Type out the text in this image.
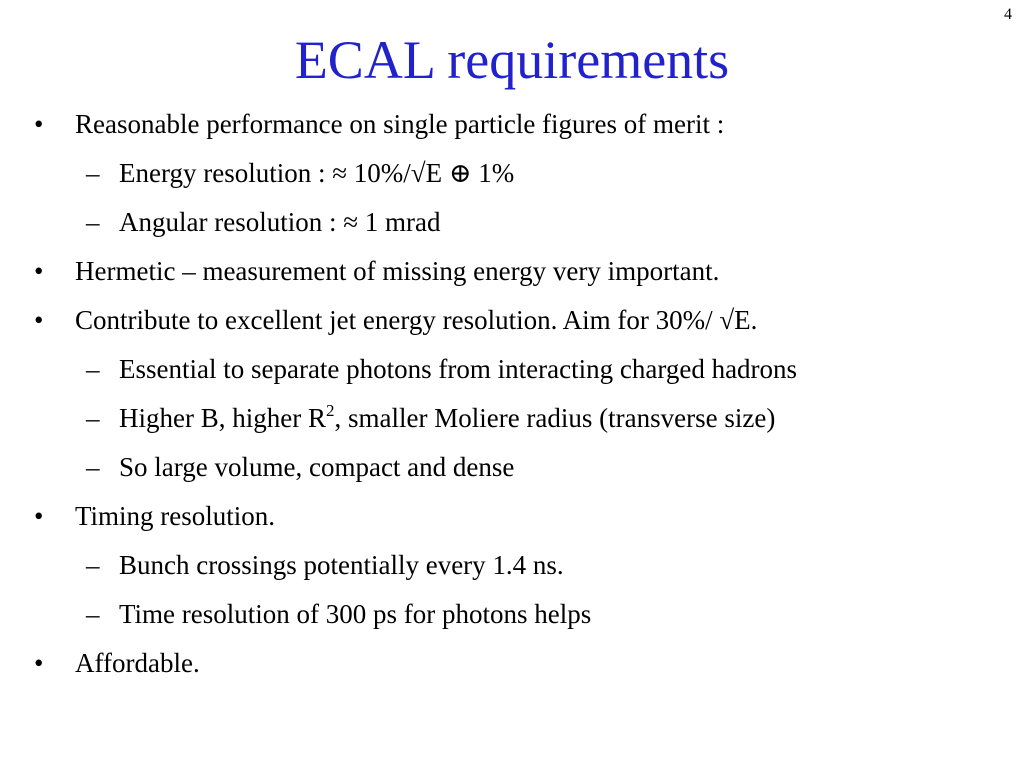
4
ECAL requirements
• Reasonable performance on single particle figures of merit :
– Energy resolution : ≈ 10%/√E ⊕ 1%
– Angular resolution : ≈ 1 mrad
• Hermetic – measurement of missing energy very important.
• Contribute to excellent jet energy resolution. Aim for 30%/ √E.
– Essential to separate photons from interacting charged hadrons
– Higher B, higher $R^2$, smaller Moliere radius (transverse size)
– So large volume, compact and dense
• Timing resolution.
– Bunch crossings potentially every 1.4 ns.
– Time resolution of 300 ps for photons helps
• Affordable.
